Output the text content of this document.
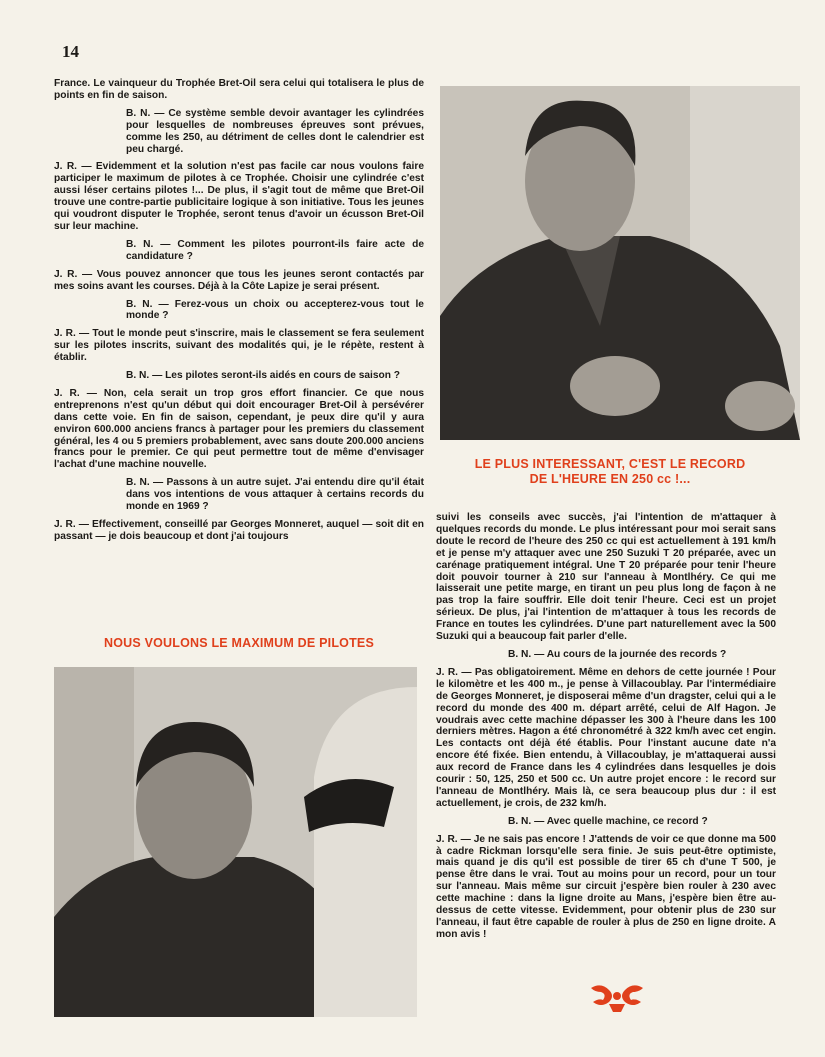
14

France. Le vainqueur du Trophée Bret-Oil sera celui qui totalisera le plus de points en fin de saison.

B. N. — Ce système semble devoir avantager les cylindrées pour lesquelles de nombreuses épreuves sont prévues, comme les 250, au détriment de celles dont le calendrier est peu chargé.

J. R. — Evidemment et la solution n'est pas facile car nous voulons faire participer le maximum de pilotes à ce Trophée. Choisir une cylindrée c'est aussi léser certains pilotes !... De plus, il s'agit tout de même que Bret-Oil trouve une contre-partie publicitaire logique à son initiative. Tous les jeunes qui voudront disputer le Trophée, seront tenus d'avoir un écusson Bret-Oil sur leur machine.

B. N. — Comment les pilotes pourront-ils faire acte de candidature ?

J. R. — Vous pouvez annoncer que tous les jeunes seront contactés par mes soins avant les courses. Déjà à la Côte Lapize je serai présent.

B. N. — Ferez-vous un choix ou accepterez-vous tout le monde ?

J. R. — Tout le monde peut s'inscrire, mais le classement se fera seulement sur les pilotes inscrits, suivant des modalités qui, je le répète, restent à établir.

B. N. — Les pilotes seront-ils aidés en cours de saison ?

J. R. — Non, cela serait un trop gros effort financier. Ce que nous entreprenons n'est qu'un début qui doit encourager Bret-Oil à persévérer dans cette voie. En fin de saison, cependant, je peux dire qu'il y aura environ 600.000 anciens francs à partager pour les premiers du classement général, les 4 ou 5 premiers probablement, avec sans doute 200.000 anciens francs pour le premier. Ce qui peut permettre tout de même d'envisager l'achat d'une machine nouvelle.

B. N. — Passons à un autre sujet. J'ai entendu dire qu'il était dans vos intentions de vous attaquer à certains records du monde en 1969 ?

J. R. — Effectivement, conseillé par Georges Monneret, auquel — soit dit en passant — je dois beaucoup et dont j'ai toujours

NOUS VOULONS LE MAXIMUM DE PILOTES
LE PLUS INTERESSANT, C'EST LE RECORD
DE L'HEURE EN 250 cc !...

suivi les conseils avec succès, j'ai l'intention de m'attaquer à quelques records du monde. Le plus intéressant pour moi serait sans doute le record de l'heure des 250 cc qui est actuellement à 191 km/h et je pense m'y attaquer avec une 250 Suzuki T 20 préparée, avec un carénage pratiquement intégral. Une T 20 préparée pour tenir l'heure doit pouvoir tourner à 210 sur l'anneau à Montlhéry. Ce qui me laisserait une petite marge, en tirant un peu plus long de façon à ne pas trop la faire souffrir. Elle doit tenir l'heure. Ceci est un projet sérieux. De plus, j'ai l'intention de m'attaquer à tous les records de France en toutes les cylindrées. D'une part naturellement avec la 500 Suzuki qui a beaucoup fait parler d'elle.

B. N. — Au cours de la journée des records ?

J. R. — Pas obligatoirement. Même en dehors de cette journée ! Pour le kilomètre et les 400 m., je pense à Villacoublay. Par l'intermédiaire de Georges Monneret, je disposerai même d'un dragster, celui qui a le record du monde des 400 m. départ arrêté, celui de Alf Hagon. Je voudrais avec cette machine dépasser les 300 à l'heure dans les 100 derniers mètres. Hagon a été chronométré à 322 km/h avec cet engin. Les contacts ont déjà été établis. Pour l'instant aucune date n'a encore été fixée. Bien entendu, à Villacoublay, je m'attaquerai aussi aux record de France dans les 4 cylindrées dans lesquelles je dois courir : 50, 125, 250 et 500 cc. Un autre projet encore : le record sur l'anneau de Montlhéry. Mais là, ce sera beaucoup plus dur : il est actuellement, je crois, de 232 km/h.

B. N. — Avec quelle machine, ce record ?

J. R. — Je ne sais pas encore ! J'attends de voir ce que donne ma 500 à cadre Rickman lorsqu'elle sera finie. Je suis peut-être optimiste, mais quand je dis qu'il est possible de tirer 65 ch d'une T 500, je pense être dans le vrai. Tout au moins pour un record, pour un tour sur l'anneau. Mais même sur circuit j'espère bien rouler à 230 avec cette machine : dans la ligne droite au Mans, j'espère bien être au-dessus de cette vitesse. Evidemment, pour obtenir plus de 230 sur l'anneau, il faut être capable de rouler à plus de 250 en ligne droite. A mon avis !
